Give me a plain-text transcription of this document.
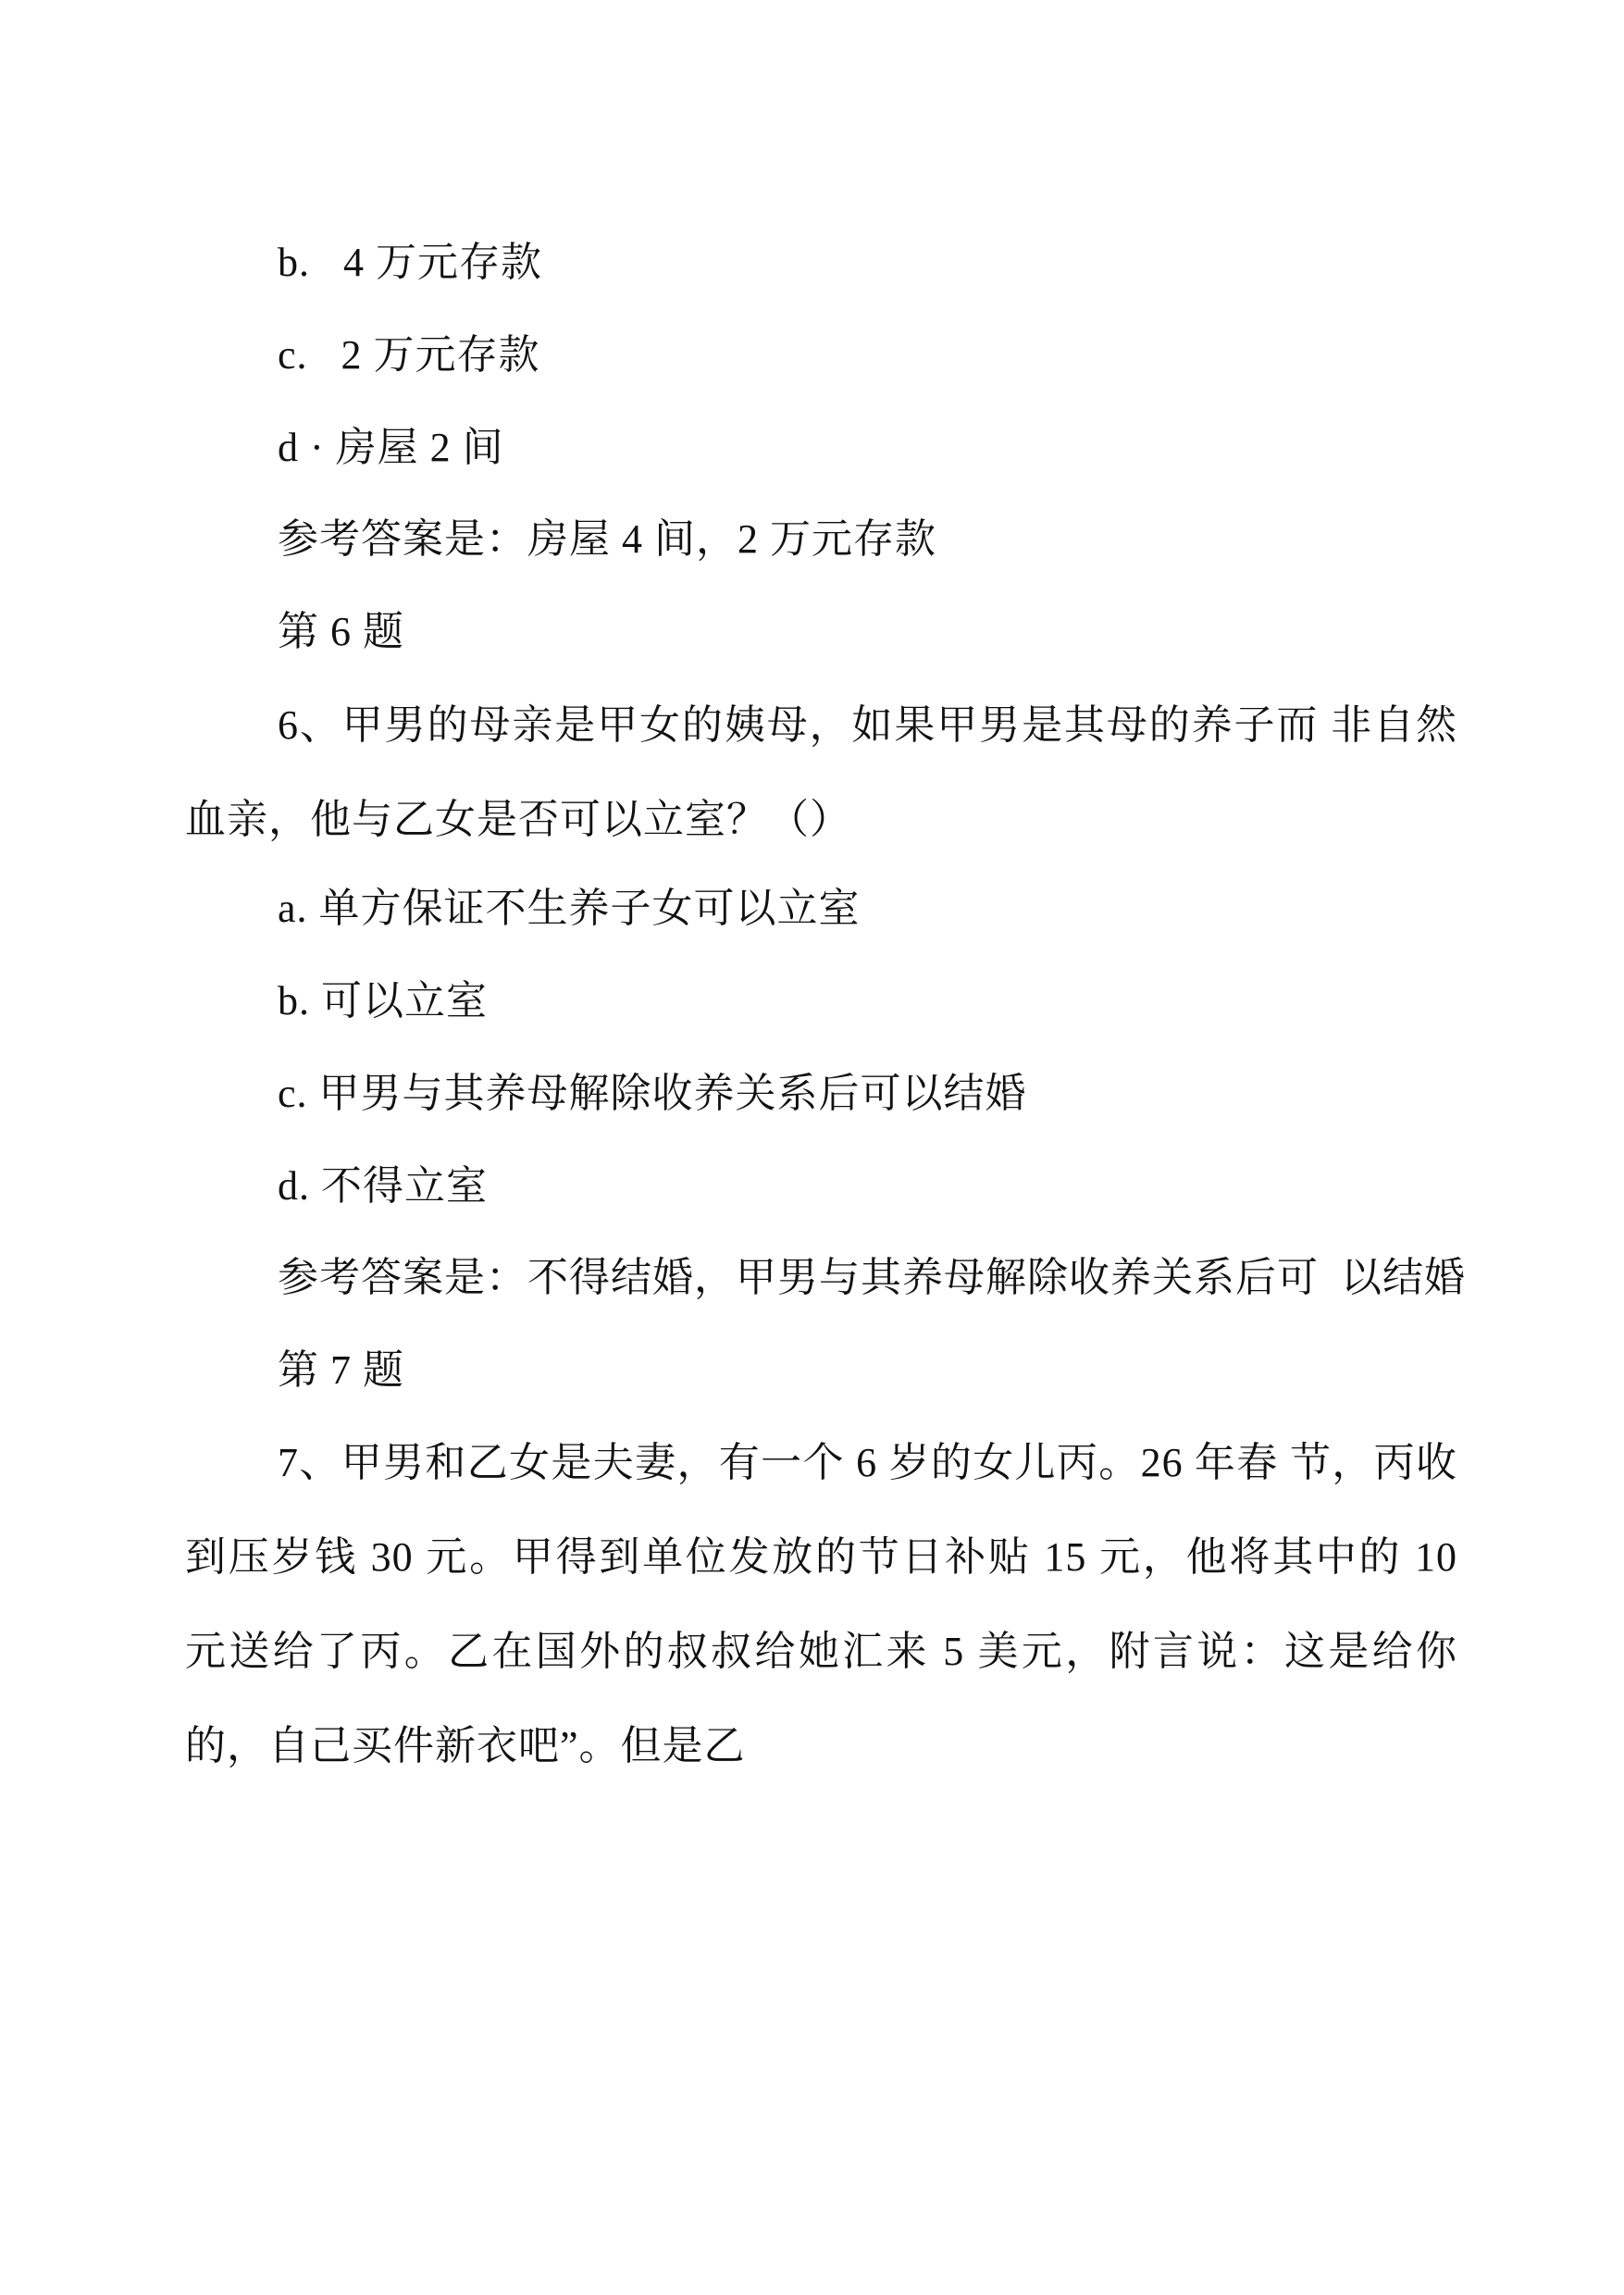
b.   4 万元存款
c.   2 万元存款
d · 房屋 2 间
参考答案是：房屋 4 间，2 万元存款
第 6 题
6、甲男的母亲是甲女的姨母，如果甲男是其母的养子而 非自然血亲，他与乙女是否可以立室？（）
a. 单方保证不生养子女可以立室
b. 可以立室
c. 甲男与其养母解除收养关系后可以结婚
d. 不得立室
参考答案是：不得结婚，甲男与其养母解除收养关系后可  以结婚
第 7 题
7、甲男和乙女是夫妻，有一个 6 岁的女儿丙。26 年春 节，丙收到压岁钱 30 元。甲得到单位发放的节日补贴 15 元，他将其中的 10 元送给了丙。乙在国外的叔叔给她汇来 5 美元，附言说：这是给你的，自己买件新衣吧”。但是乙
